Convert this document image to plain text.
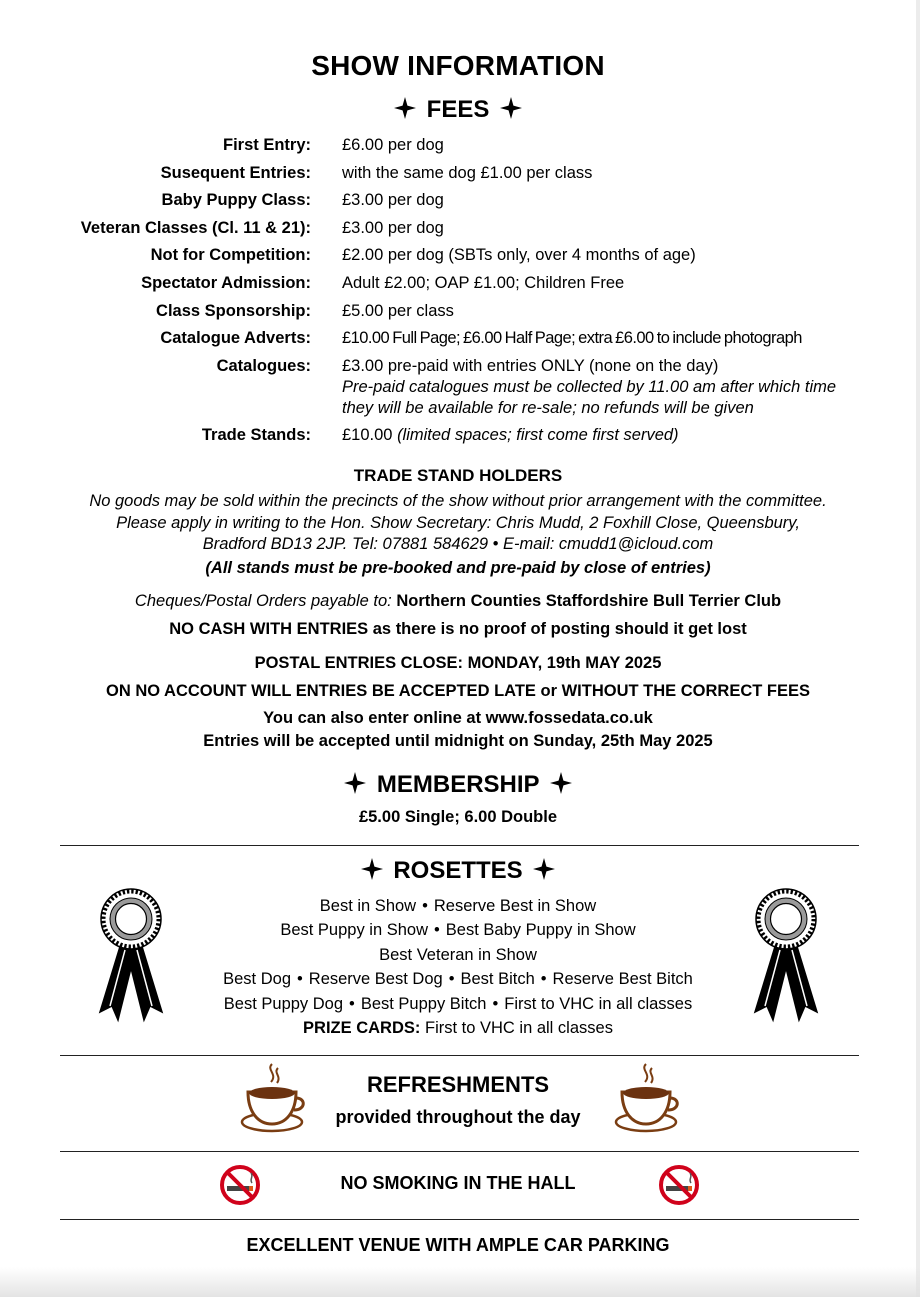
SHOW INFORMATION
FEES
First Entry: £6.00 per dog
Susequent Entries: with the same dog £1.00 per class
Baby Puppy Class: £3.00 per dog
Veteran Classes (Cl. 11 & 21): £3.00 per dog
Not for Competition: £2.00 per dog (SBTs only, over 4 months of age)
Spectator Admission: Adult £2.00; OAP £1.00; Children Free
Class Sponsorship: £5.00 per class
Catalogue Adverts: £10.00 Full Page; £6.00 Half Page; extra £6.00 to include photograph
Catalogues: £3.00 pre-paid with entries ONLY (none on the day)
Pre-paid catalogues must be collected by 11.00 am after which time they will be available for re-sale; no refunds will be given
Trade Stands: £10.00 (limited spaces; first come first served)
TRADE STAND HOLDERS
No goods may be sold within the precincts of the show without prior arrangement with the committee.
Please apply in writing to the Hon. Show Secretary: Chris Mudd, 2 Foxhill Close, Queensbury,
Bradford BD13 2JP. Tel: 07881 584629 • E-mail: cmudd1@icloud.com
(All stands must be pre-booked and pre-paid by close of entries)
Cheques/Postal Orders payable to: Northern Counties Staffordshire Bull Terrier Club
NO CASH WITH ENTRIES as there is no proof of posting should it get lost
POSTAL ENTRIES CLOSE: MONDAY, 19th MAY 2025
ON NO ACCOUNT WILL ENTRIES BE ACCEPTED LATE or WITHOUT THE CORRECT FEES
You can also enter online at www.fossedata.co.uk
Entries will be accepted until midnight on Sunday, 25th May 2025
MEMBERSHIP
£5.00 Single; 6.00 Double
ROSETTES
Best in Show • Reserve Best in Show
Best Puppy in Show • Best Baby Puppy in Show
Best Veteran in Show
Best Dog • Reserve Best Dog • Best Bitch • Reserve Best Bitch
Best Puppy Dog • Best Puppy Bitch • First to VHC in all classes
PRIZE CARDS: First to VHC in all classes
REFRESHMENTS
provided throughout the day
NO SMOKING IN THE HALL
EXCELLENT VENUE WITH AMPLE CAR PARKING
